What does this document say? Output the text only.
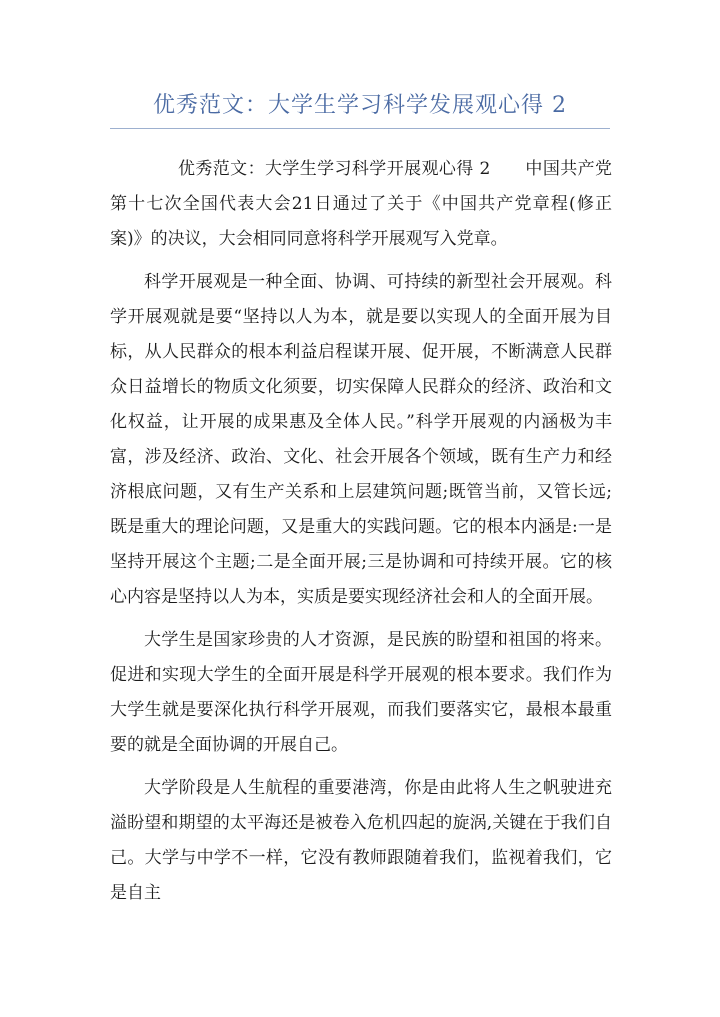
优秀范文：大学生学习科学发展观心得 2

优秀范文：大学生学习科学开展观心得 2　　中国共产党第十七次全国代表大会21日通过了关于《中国共产党章程(修正案)》的决议，大会相同同意将科学开展观写入党章。

科学开展观是一种全面、协调、可持续的新型社会开展观。科学开展观就是要“坚持以人为本，就是要以实现人的全面开展为目标，从人民群众的根本利益启程谋开展、促开展，不断满意人民群众日益增长的物质文化须要，切实保障人民群众的经济、政治和文化权益，让开展的成果惠及全体人民。”科学开展观的内涵极为丰富，涉及经济、政治、文化、社会开展各个领域，既有生产力和经济根底问题，又有生产关系和上层建筑问题;既管当前，又管长远;既是重大的理论问题，又是重大的实践问题。它的根本内涵是:一是坚持开展这个主题;二是全面开展;三是协调和可持续开展。它的核心内容是坚持以人为本，实质是要实现经济社会和人的全面开展。

大学生是国家珍贵的人才资源，是民族的盼望和祖国的将来。促进和实现大学生的全面开展是科学开展观的根本要求。我们作为大学生就是要深化执行科学开展观，而我们要落实它，最根本最重要的就是全面协调的开展自己。

大学阶段是人生航程的重要港湾，你是由此将人生之帆驶进充溢盼望和期望的太平海还是被卷入危机四起的旋涡,关键在于我们自己。大学与中学不一样，它没有教师跟随着我们，监视着我们，它是自主
